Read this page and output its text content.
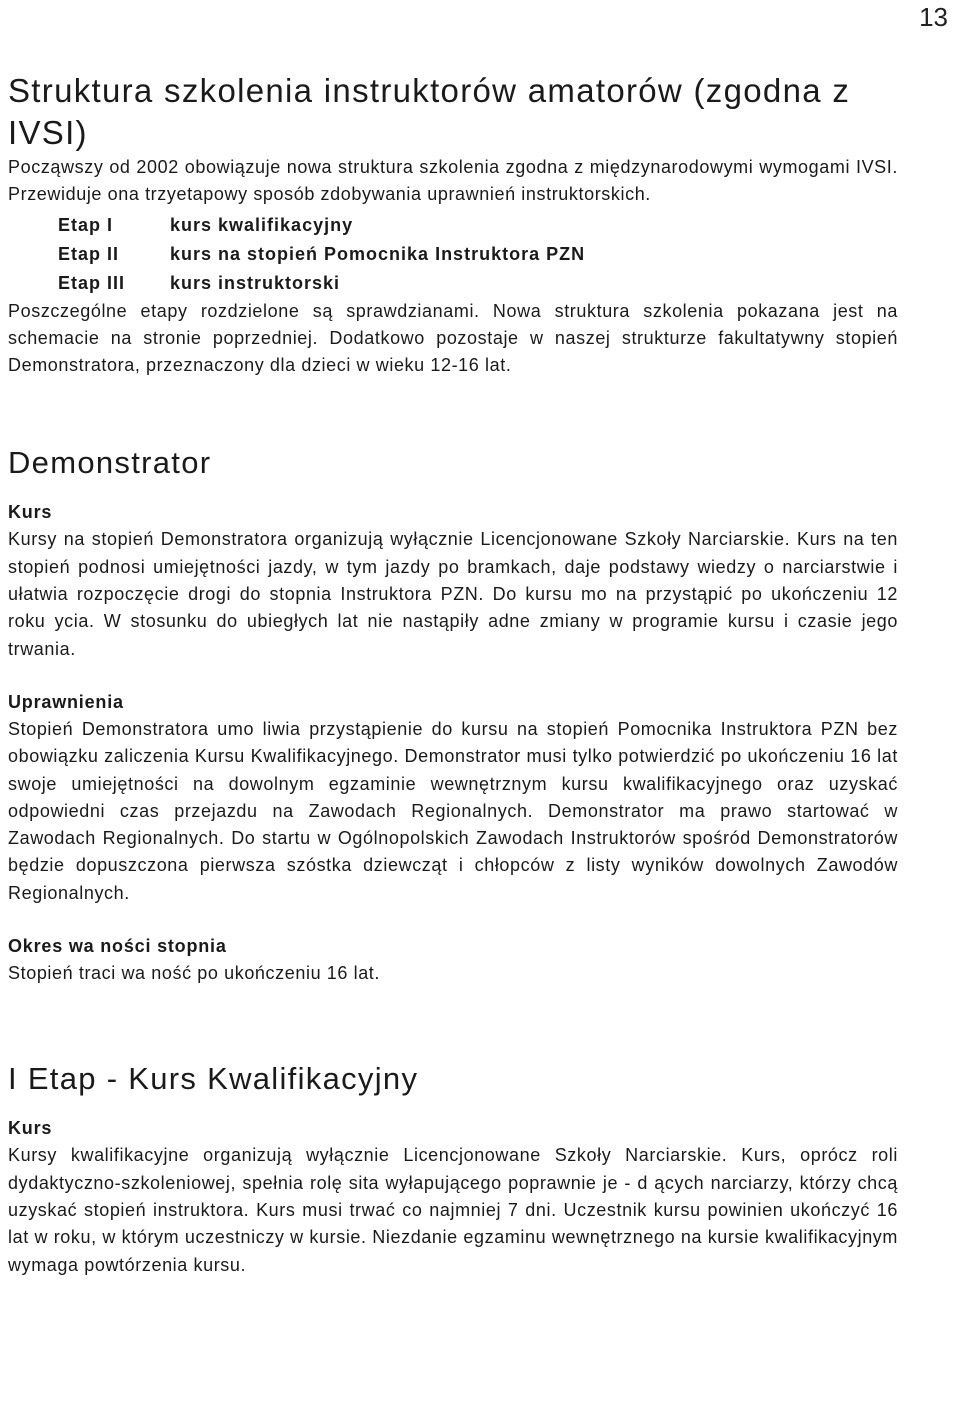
13
Struktura szkolenia instruktorów amatorów (zgodna z IVSI)

Począwszy od 2002 obowiązuje nowa struktura szkolenia zgodna z międzynarodowymi wymogami IVSI. Przewiduje ona trzyetapowy sposób zdobywania uprawnień instruktorskich.

Etap I	kurs kwalifikacyjny
Etap II	kurs na stopień Pomocnika Instruktora PZN
Etap III	kurs instruktorski

Poszczególne etapy rozdzielone są sprawdzianami. Nowa struktura szkolenia pokazana jest na schemacie na stronie poprzedniej. Dodatkowo pozostaje w naszej strukturze fakultatywny stopień Demonstratora, przeznaczony dla dzieci w wieku 12-16 lat.

Demonstrator

Kurs

Kursy na stopień Demonstratora organizują wyłącznie Licencjonowane Szkoły Narciarskie. Kurs na ten stopień podnosi umiejętności jazdy, w tym jazdy po bramkach, daje podstawy wiedzy o narciarstwie i ułatwia rozpoczęcie drogi do stopnia Instruktora PZN. Do kursu mo na przystąpić po ukończeniu 12 roku ycia. W stosunku do ubiegłych lat nie nastąpiły adne zmiany w programie kursu i czasie jego trwania.

Uprawnienia

Stopień Demonstratora umo liwia przystąpienie do kursu na stopień Pomocnika Instruktora PZN bez obowiązku zaliczenia Kursu Kwalifikacyjnego. Demonstrator musi tylko potwierdzić po ukończeniu 16 lat swoje umiejętności na dowolnym egzaminie wewnętrznym kursu kwalifikacyjnego oraz uzyskać odpowiedni czas przejazdu na Zawodach Regionalnych. Demonstrator ma prawo startować w Zawodach Regionalnych. Do startu w Ogólnopolskich Zawodach Instruktorów spośród Demonstratorów będzie dopuszczona pierwsza szóstka dziewcząt i chłopców z listy wyników dowolnych Zawodów Regionalnych.

Okres wa ności stopnia

Stopień traci wa ność po ukończeniu 16 lat.

I Etap - Kurs Kwalifikacyjny

Kurs

Kursy kwalifikacyjne organizują wyłącznie Licencjonowane Szkoły Narciarskie. Kurs, oprócz roli dydaktyczno-szkoleniowej, spełnia rolę sita wyłapującego poprawnie je - d ących narciarzy, którzy chcą uzyskać stopień instruktora. Kurs musi trwać co najmniej 7 dni. Uczestnik kursu powinien ukończyć 16 lat w roku, w którym uczestniczy w kursie. Niezdanie egzaminu wewnętrznego na kursie kwalifikacyjnym wymaga powtórzenia kursu.
